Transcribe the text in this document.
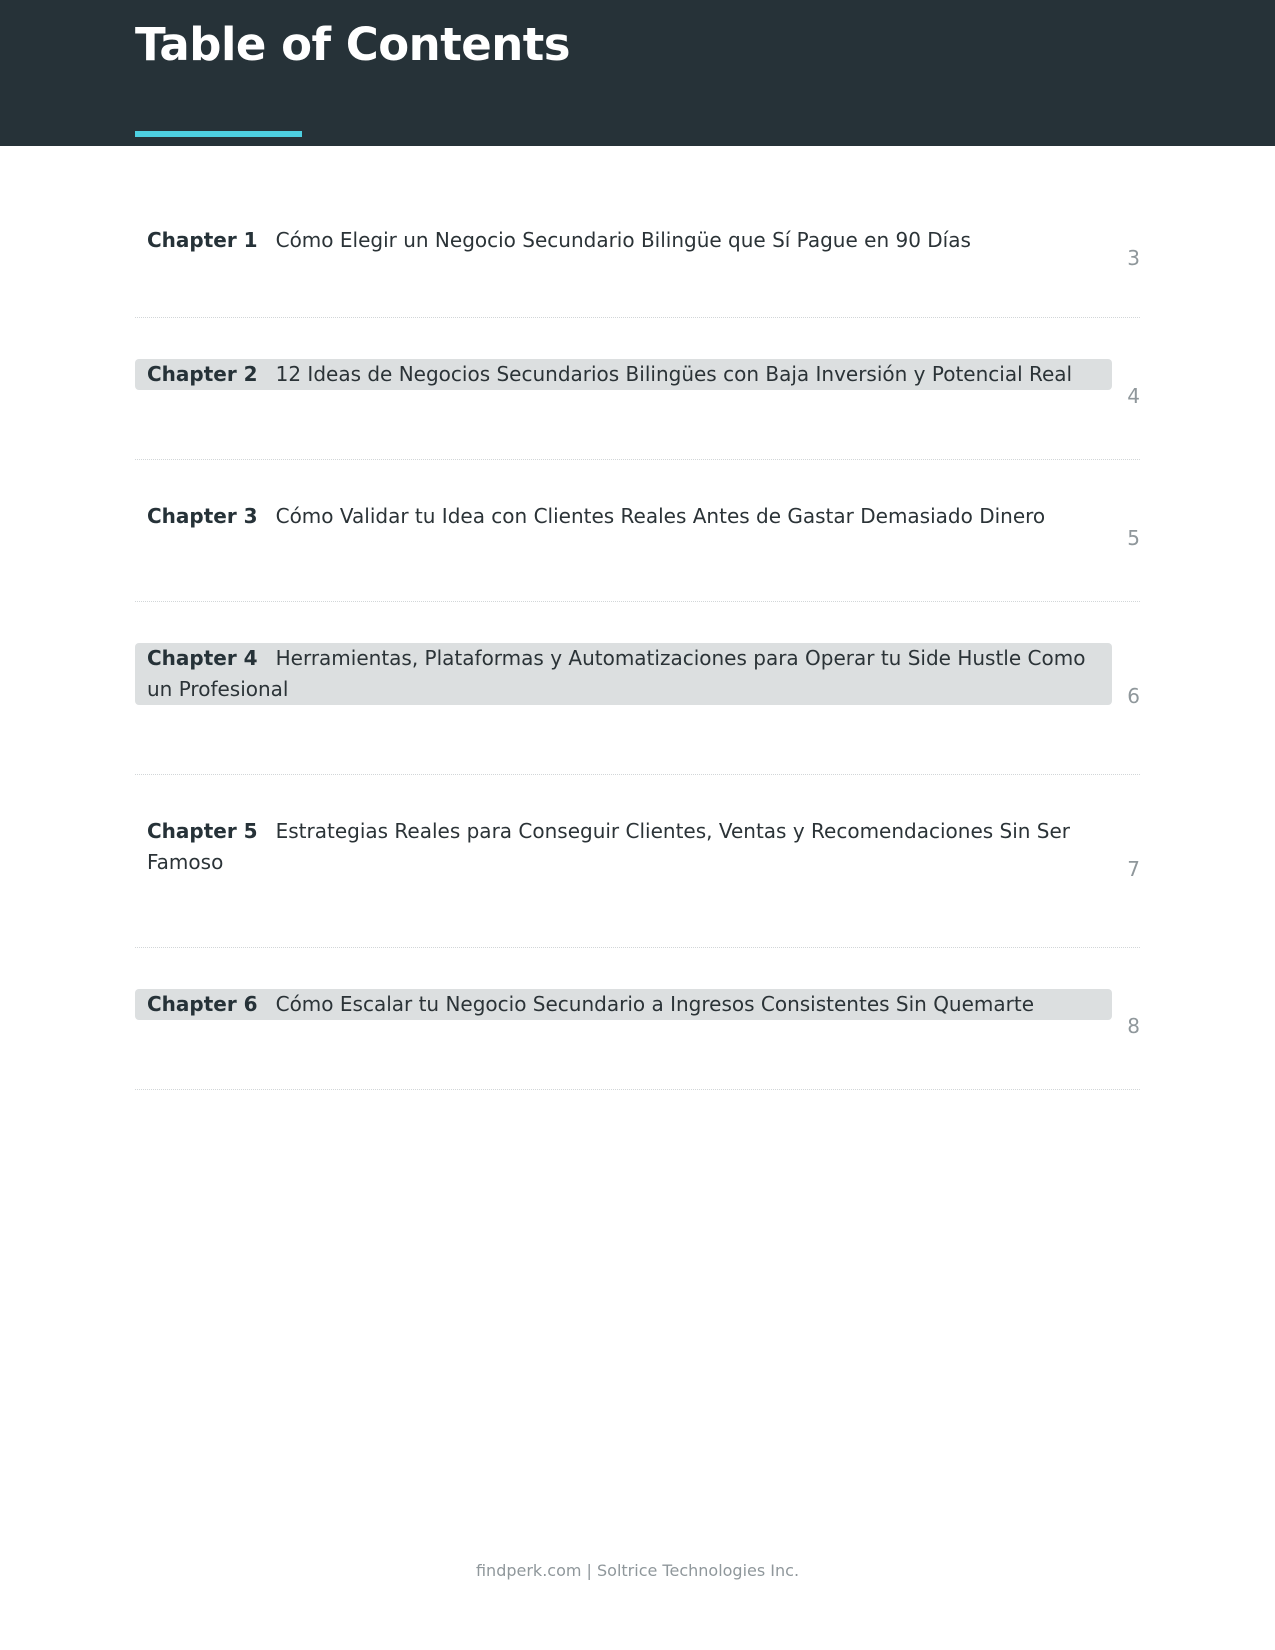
Table of Contents
Chapter 1 Cómo Elegir un Negocio Secundario Bilingüe que Sí Pague en 90 Días
3
Chapter 2 12 Ideas de Negocios Secundarios Bilingües con Baja Inversión y Potencial Real
4
Chapter 3 Cómo Validar tu Idea con Clientes Reales Antes de Gastar Demasiado Dinero
5
Chapter 4 Herramientas, Plataformas y Automatizaciones para Operar tu Side Hustle Como un Profesional	6
Chapter 5 Estrategias Reales para Conseguir Clientes, Ventas y Recomendaciones Sin Ser Famoso	7
Chapter 6 Cómo Escalar tu Negocio Secundario a Ingresos Consistentes Sin Quemarte
8
findperk.com | Soltrice Technologies Inc.
